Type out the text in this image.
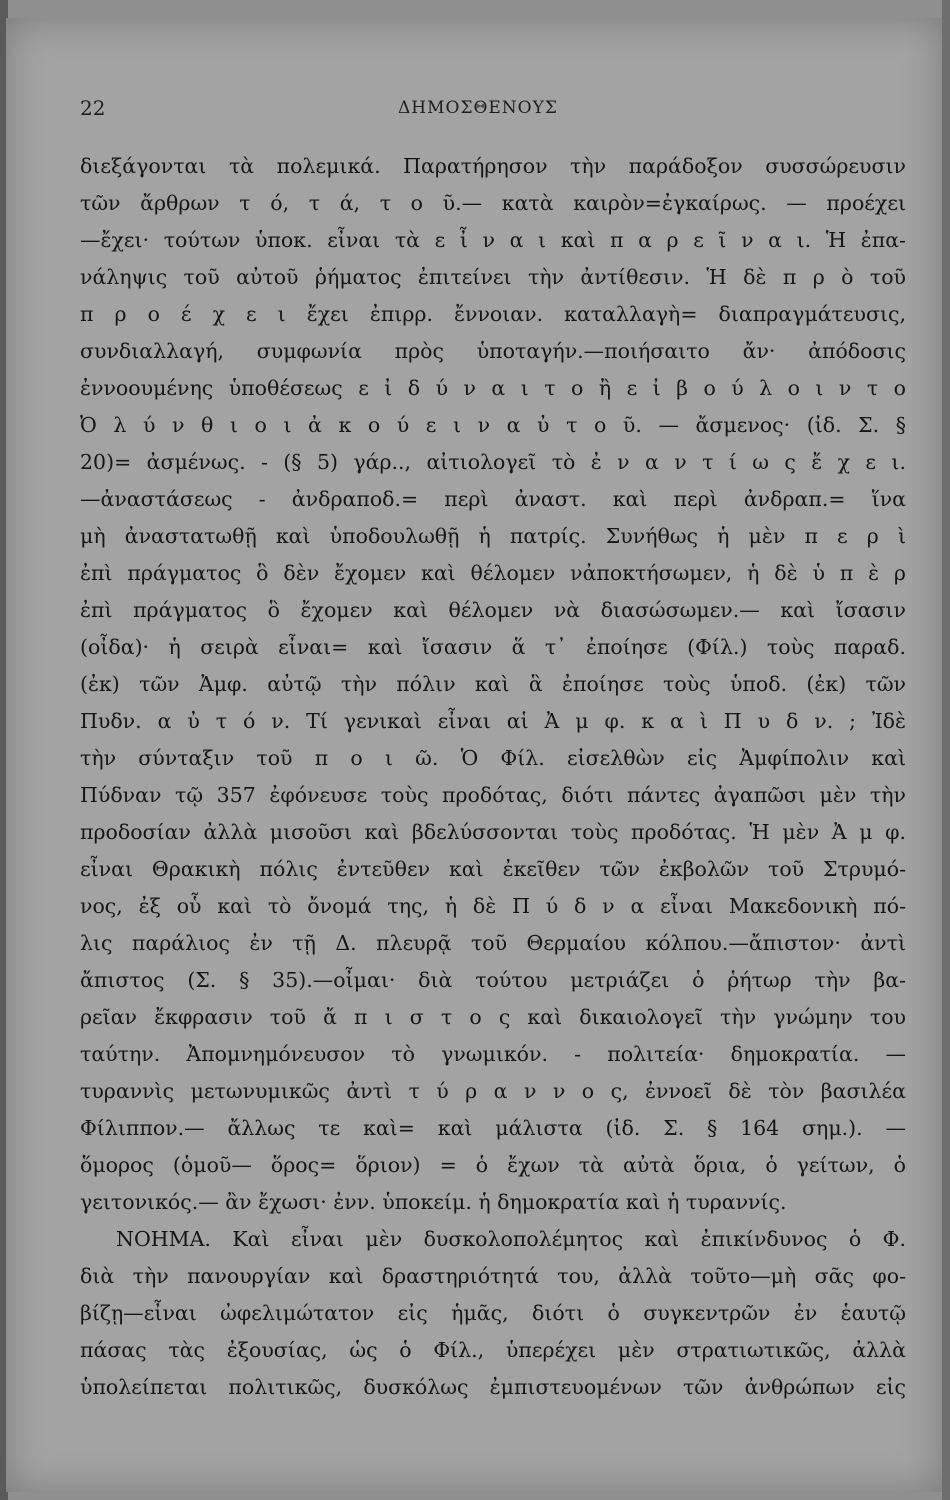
22	ΔΗΜΟΣΘΕΝΟΥΣ
διεξάγονται τὰ πολεμικά. Παρατήρησον τὴν παράδοξον συσσώρευσιν
τῶν ἄρθρων τ ό, τ ά, τ ο ῦ.— κατὰ καιρὸν=ἐγκαίρως. — προέχει
—ἔχει· τούτων ὑποκ. εἶναι τὰ ε ἶ ν α ι καὶ π α ρ ε ῖ ν α ι. Ἡ ἐπα-
νάληψις τοῦ αὐτοῦ ῥήματος ἐπιτείνει τὴν ἀντίθεσιν. Ἡ δὲ π ρ ὸ τοῦ
π ρ ο έ χ ε ι ἔχει ἐπιρρ. ἔννοιαν. καταλλαγὴ= διαπραγμάτευσις,
συνδιαλλαγή, συμφωνία πρὸς ὑποταγήν.—ποιήσαιτο ἄν· ἀπόδοσις
ἐννοουμένης ὑποθέσεως ε ἰ δ ύ ν α ι τ ο ἢ ε ἰ β ο ύ λ ο ι ν τ ο
Ὀ λ ύ ν θ ι ο ι ἀ κ ο ύ ε ι ν α ὐ τ ο ῦ. — ἄσμενος· (ἰδ. Σ. §
20)= ἀσμένως. - (§ 5) γάρ.., αἰτιολογεῖ τὸ ἐ ν α ν τ ί ω ς ἔ χ ε ι.
—ἀναστάσεως - ἀνδραποδ.= περὶ ἀναστ. καὶ περὶ ἀνδραπ.= ἵνα
μὴ ἀναστατωθῇ καὶ ὑποδουλωθῇ ἡ πατρίς. Συνήθως ἡ μὲν π ε ρ ὶ
ἐπὶ πράγματος ὃ δὲν ἔχομεν καὶ θέλομεν νἀποκτήσωμεν, ἡ δὲ ὑ π ὲ ρ
ἐπὶ πράγματος ὃ ἔχομεν καὶ θέλομεν νὰ διασώσωμεν.— καὶ ἴσασιν
(οἶδα)· ἡ σειρὰ εἶναι= καὶ ἴσασιν ἅ τ᾽ ἐποίησε (Φίλ.) τοὺς παραδ.
(ἐκ) τῶν Ἀμφ. αὐτῷ τὴν πόλιν καὶ ἃ ἐποίησε τοὺς ὑποδ. (ἐκ) τῶν
Πυδν. α ὐ τ ό ν. Τί γενικαὶ εἶναι αἱ Ἀ μ φ. κ α ὶ Π υ δ ν. ; Ἰδὲ
τὴν σύνταξιν τοῦ π ο ι ῶ. Ὁ Φίλ. εἰσελθὼν εἰς Ἀμφίπολιν καὶ
Πύδναν τῷ 357 ἐφόνευσε τοὺς προδότας, διότι πάντες ἀγαπῶσι μὲν τὴν
προδοσίαν ἀλλὰ μισοῦσι καὶ βδελύσσονται τοὺς προδότας. Ἡ μὲν Ἀ μ φ.
εἶναι Θρακικὴ πόλις ἐντεῦθεν καὶ ἐκεῖθεν τῶν ἐκβολῶν τοῦ Στρυμό-
νος, ἐξ οὗ καὶ τὸ ὄνομά της, ἡ δὲ Π ύ δ ν α εἶναι Μακεδονικὴ πό-
λις παράλιος ἐν τῇ Δ. πλευρᾷ τοῦ Θερμαίου κόλπου.—ἄπιστον· ἀντὶ
ἄπιστος (Σ. § 35).—οἶμαι· διὰ τούτου μετριάζει ὁ ῥήτωρ τὴν βα-
ρεῖαν ἔκφρασιν τοῦ ἄ π ι σ τ ο ς καὶ δικαιολογεῖ τὴν γνώμην του
ταύτην. Ἀπομνημόνευσον τὸ γνωμικόν. - πολιτεία· δημοκρατία. —
τυραννὶς μετωνυμικῶς ἀντὶ τ ύ ρ α ν ν ο ς, ἐννοεῖ δὲ τὸν βασιλέα
Φίλιππον.— ἄλλως τε καὶ= καὶ μάλιστα (ἰδ. Σ. § 164 σημ.). —
ὅμορος (ὁμοῦ— ὅρος= ὅριον) = ὁ ἔχων τὰ αὐτὰ ὅρια, ὁ γείτων, ὁ
γειτονικός.— ἂν ἔχωσι· ἐνν. ὑποκείμ. ἡ δημοκρατία καὶ ἡ τυραννίς.
ΝΟΗΜΑ. Καὶ εἶναι μὲν δυσκολοπολέμητος καὶ ἐπικίνδυνος ὁ Φ.
διὰ τὴν πανουργίαν καὶ δραστηριότητά του, ἀλλὰ τοῦτο—μὴ σᾶς φο-
βίζῃ—εἶναι ὠφελιμώτατον εἰς ἡμᾶς, διότι ὁ συγκεντρῶν ἐν ἑαυτῷ
πάσας τὰς ἐξουσίας, ὡς ὁ Φίλ., ὑπερέχει μὲν στρατιωτικῶς, ἀλλὰ
ὑπολείπεται πολιτικῶς, δυσκόλως ἐμπιστευομένων τῶν ἀνθρώπων εἰς
